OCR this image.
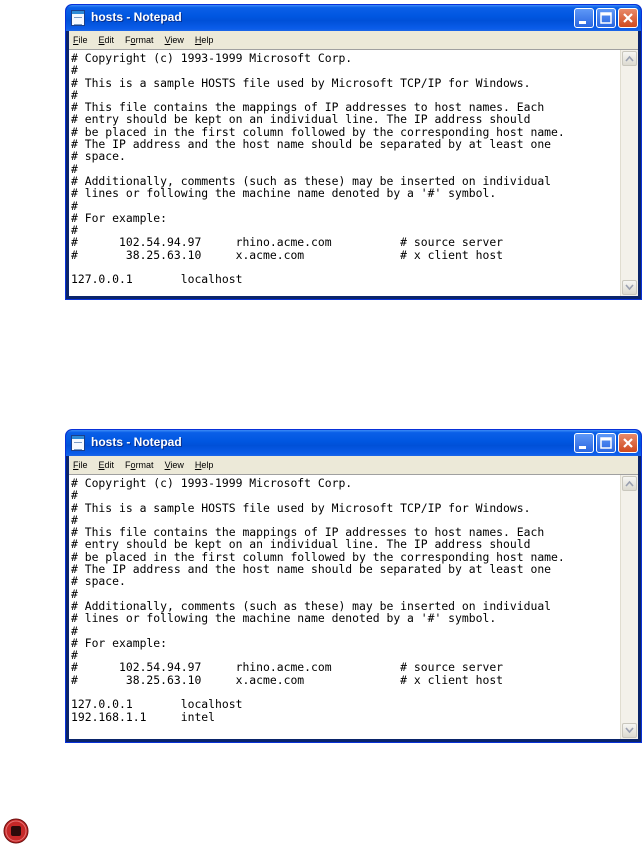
hosts - Notepad
File Edit Format View Help
# Copyright (c) 1993-1999 Microsoft Corp.
#
# This is a sample HOSTS file used by Microsoft TCP/IP for Windows.
#
# This file contains the mappings of IP addresses to host names. Each
# entry should be kept on an individual line. The IP address should
# be placed in the first column followed by the corresponding host name.
# The IP address and the host name should be separated by at least one
# space.
#
# Additionally, comments (such as these) may be inserted on individual
# lines or following the machine name denoted by a '#' symbol.
#
# For example:
#
#      102.54.94.97     rhino.acme.com          # source server
#       38.25.63.10     x.acme.com              # x client host
127.0.0.1       localhost
hosts - Notepad
File Edit Format View Help
# Copyright (c) 1993-1999 Microsoft Corp.
#
# This is a sample HOSTS file used by Microsoft TCP/IP for Windows.
#
# This file contains the mappings of IP addresses to host names. Each
# entry should be kept on an individual line. The IP address should
# be placed in the first column followed by the corresponding host name.
# The IP address and the host name should be separated by at least one
# space.
#
# Additionally, comments (such as these) may be inserted on individual
# lines or following the machine name denoted by a '#' symbol.
#
# For example:
#
#      102.54.94.97     rhino.acme.com          # source server
#       38.25.63.10     x.acme.com              # x client host
127.0.0.1       localhost
192.168.1.1     intel
